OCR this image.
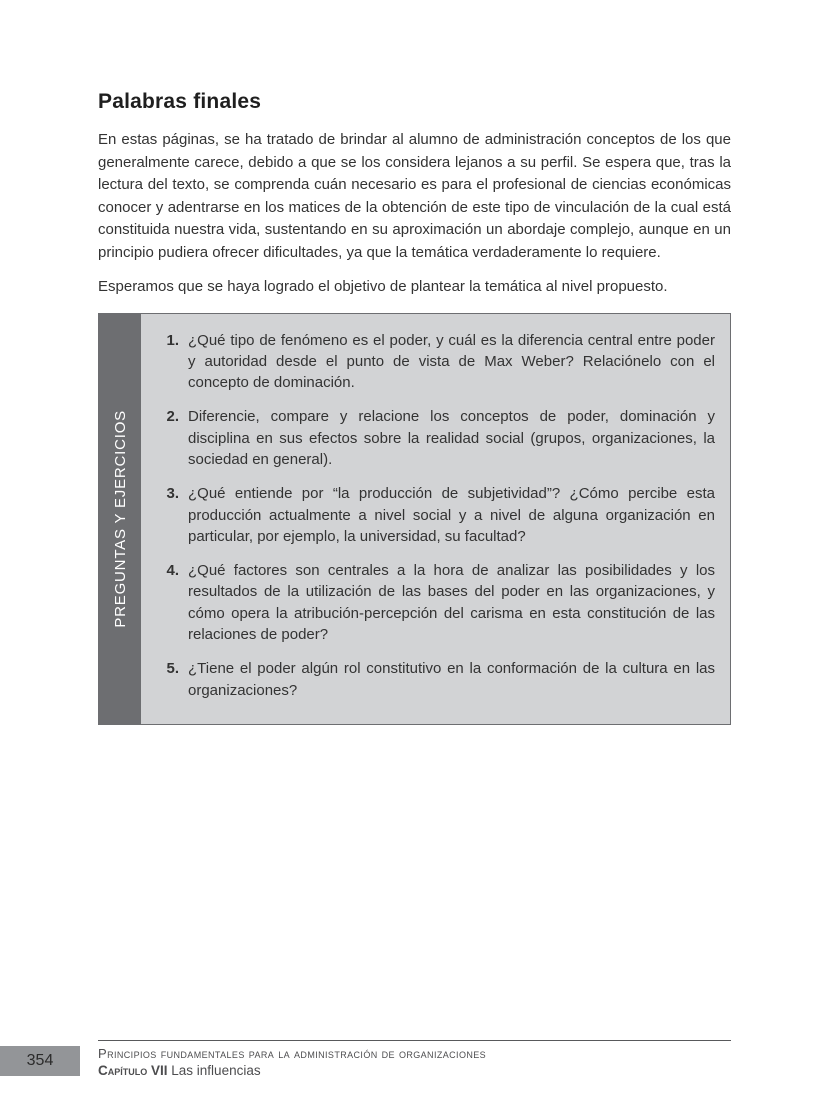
Palabras finales

En estas páginas, se ha tratado de brindar al alumno de administración conceptos de los que generalmente carece, debido a que se los considera lejanos a su perfil. Se espera que, tras la lectura del texto, se comprenda cuán necesario es para el profesional de ciencias económicas conocer y adentrarse en los matices de la obtención de este tipo de vinculación de la cual está constituida nuestra vida, sustentando en su aproximación un abordaje complejo, aunque en un principio pudiera ofrecer dificultades, ya que la temática verdaderamente lo requiere.

Esperamos que se haya logrado el objetivo de plantear la temática al nivel propuesto.

PREGUNTAS Y EJERCICIOS
1. ¿Qué tipo de fenómeno es el poder, y cuál es la diferencia central entre poder y autoridad desde el punto de vista de Max Weber? Relaciónelo con el concepto de dominación.
2. Diferencie, compare y relacione los conceptos de poder, dominación y disciplina en sus efectos sobre la realidad social (grupos, organizaciones, la sociedad en general).
3. ¿Qué entiende por “la producción de subjetividad”? ¿Cómo percibe esta producción actualmente a nivel social y a nivel de alguna organización en particular, por ejemplo, la universidad, su facultad?
4. ¿Qué factores son centrales a la hora de analizar las posibilidades y los resultados de la utilización de las bases del poder en las organizaciones, y cómo opera la atribución-percepción del carisma en esta constitución de las relaciones de poder?
5. ¿Tiene el poder algún rol constitutivo en la conformación de la cultura en las organizaciones?
354	Principios fundamentales para la administración de organizaciones
Capítulo VII Las influencias
